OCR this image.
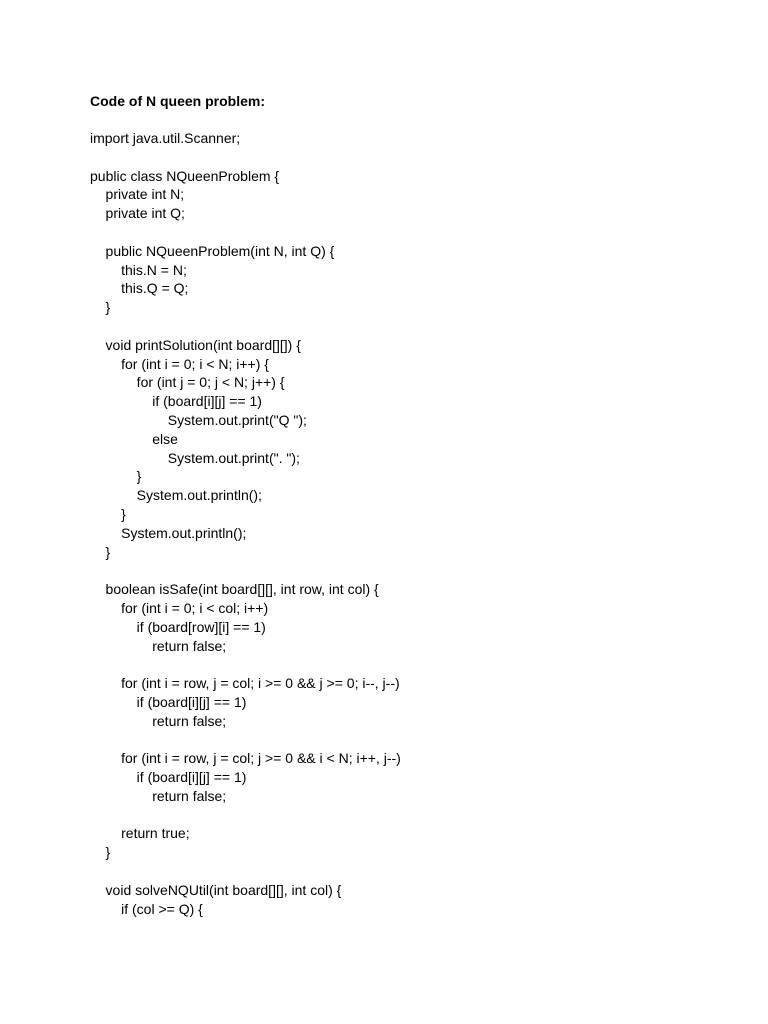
Code of N queen problem:
import java.util.Scanner;
public class NQueenProblem {
private int N;
private int Q;
public NQueenProblem(int N, int Q) {
this.N = N;
this.Q = Q;
}
void printSolution(int board[][]) {
for (int i = 0; i < N; i++) {
for (int j = 0; j < N; j++) {
if (board[i][j] == 1)
System.out.print("Q ");
else
System.out.print(". ");
}
System.out.println();
}
System.out.println();
}
boolean isSafe(int board[][], int row, int col) {
for (int i = 0; i < col; i++)
if (board[row][i] == 1)
return false;
for (int i = row, j = col; i >= 0 && j >= 0; i--, j--)
if (board[i][j] == 1)
return false;
for (int i = row, j = col; j >= 0 && i < N; i++, j--)
if (board[i][j] == 1)
return false;
return true;
}
void solveNQUtil(int board[][], int col) {
if (col >= Q) {
